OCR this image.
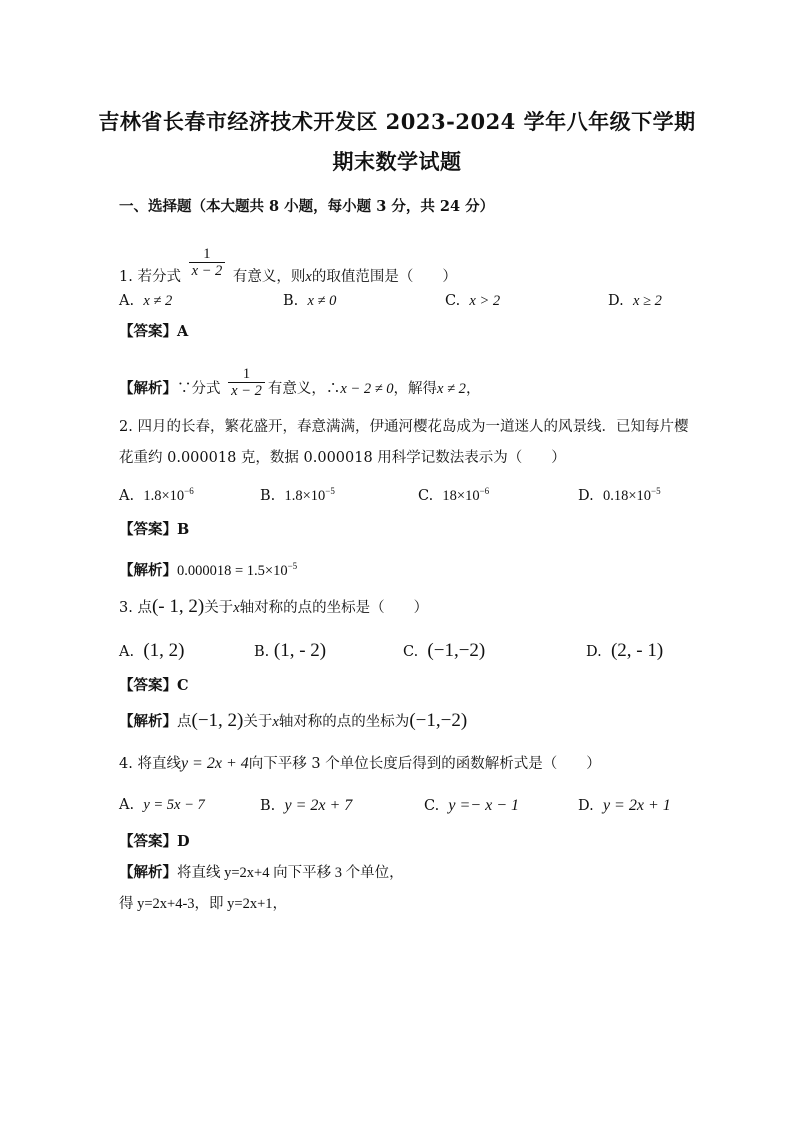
吉林省长春市经济技术开发区 2023-2024 学年八年级下学期
期末数学试题
一、选择题（本大题共 8 小题，每小题 3 分，共 24 分）
1. 若分式 $\frac{1}{x - 2}$ 有意义，则x的取值范围是（　　）
A. x ≠ 2	B. x ≠ 0	C. x > 2	D. x ≥ 2
【答案】A
【解析】∵分式 $\frac{1}{x - 2}$ 有意义，∴x − 2 ≠ 0，解得x ≠ 2，
2. 四月的长春，繁花盛开，春意满满，伊通河樱花岛成为一道迷人的风景线．已知每片樱
花重约 0.000018 克，数据 0.000018 用科学记数法表示为（　　）
A. $1.8\times 10^{-6}$	B. $1.8\times 10^{-5}$	C. $18\times 10^{-6}$	D. $0.18\times 10^{-5}$
【答案】B
【解析】$0.000018 = 1.5\times 10^{-5}$
3. 点(- 1, 2)关于x轴对称的点的坐标是（　　）
A. (1, 2)	B. (1, - 2)	C. (−1,−2)	D. (2, - 1)
【答案】C
【解析】点(−1, 2)关于x轴对称的点的坐标为(−1,−2)
4. 将直线y = 2x + 4向下平移 3 个单位长度后得到的函数解析式是（　　）
A. y = 5x − 7	B. y = 2x + 7	C. y =− x − 1	D. y = 2x + 1
【答案】D
【解析】将直线 y=2x+4 向下平移 3 个单位，
得 y=2x+4-3，即 y=2x+1，
